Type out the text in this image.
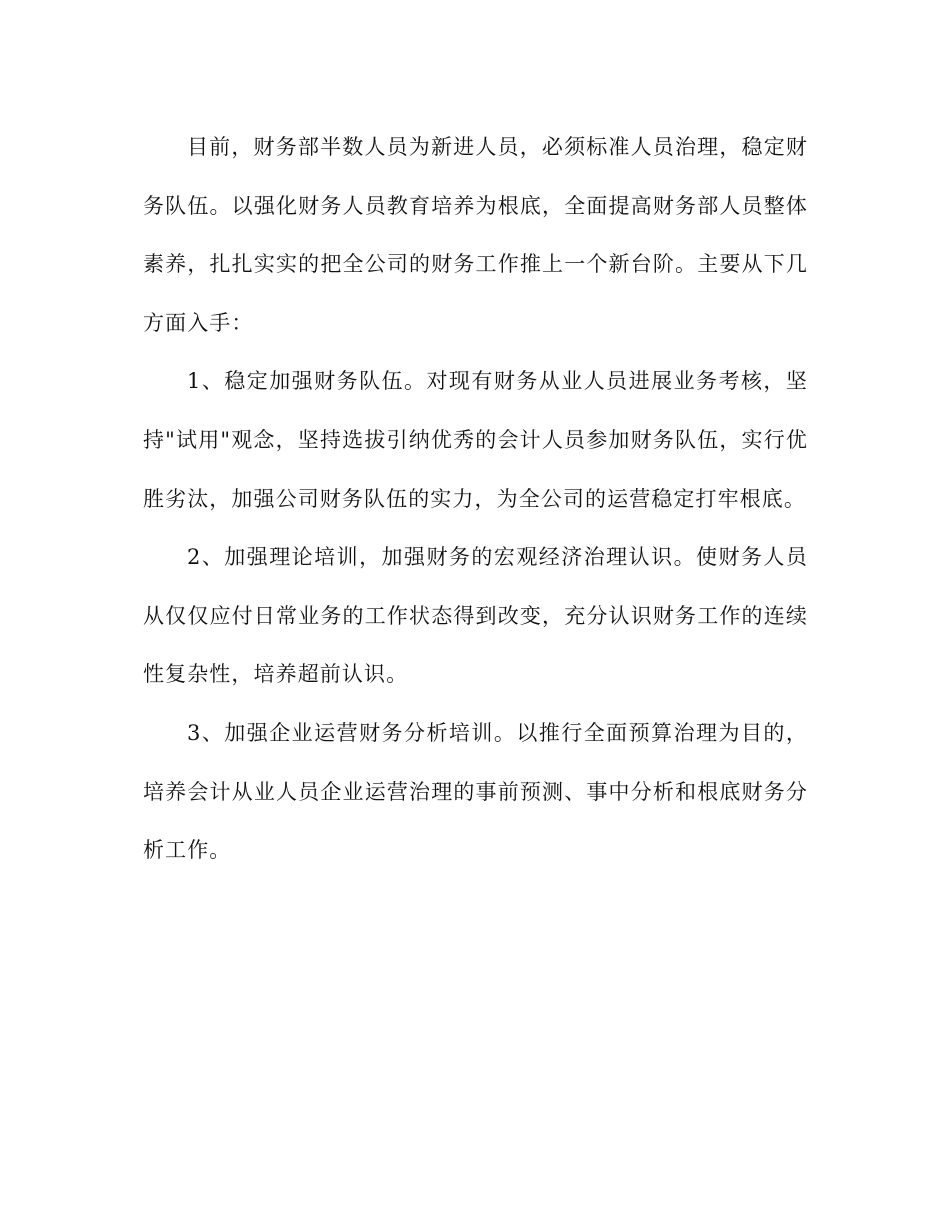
目前，财务部半数人员为新进人员，必须标准人员治理，稳定财务队伍。以强化财务人员教育培养为根底，全面提高财务部人员整体素养，扎扎实实的把全公司的财务工作推上一个新台阶。主要从下几方面入手：

1、稳定加强财务队伍。对现有财务从业人员进展业务考核，坚持"试用"观念，坚持选拔引纳优秀的会计人员参加财务队伍，实行优胜劣汰，加强公司财务队伍的实力，为全公司的运营稳定打牢根底。

2、加强理论培训，加强财务的宏观经济治理认识。使财务人员从仅仅应付日常业务的工作状态得到改变，充分认识财务工作的连续性复杂性，培养超前认识。

3、加强企业运营财务分析培训。以推行全面预算治理为目的，培养会计从业人员企业运营治理的事前预测、事中分析和根底财务分析工作。
